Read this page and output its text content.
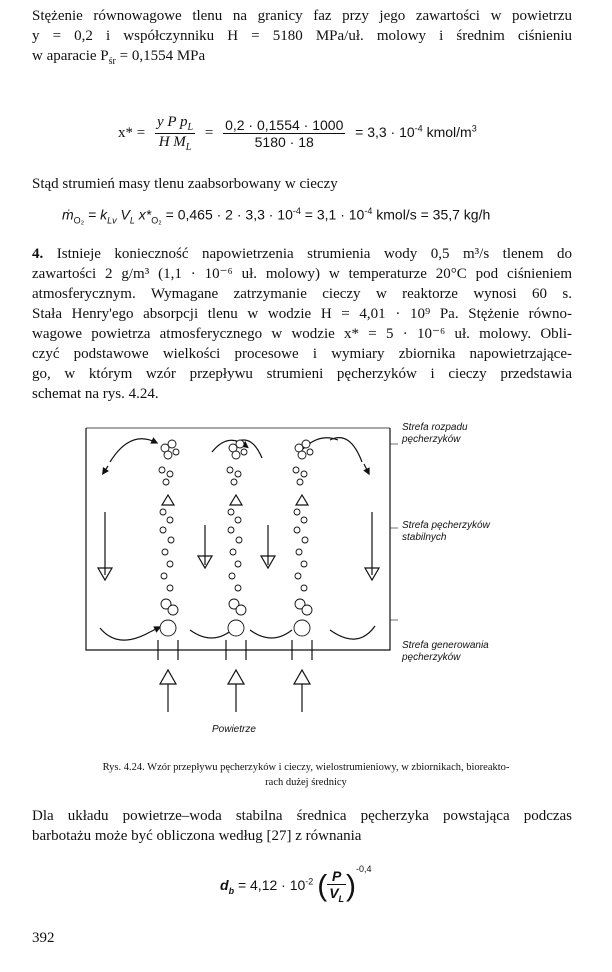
Stężenie równowagowe tlenu na granicy faz przy jego zawartości w powietrzu
y = 0,2 i współczynniku H = 5180 MPa/uł. molowy i średnim ciśnieniu
w aparacie $P_{śr} = 0,1554$ MPa
$x* = \frac{y P p_L}{H M_L} = \frac{0,2 \cdot 0,1554 \cdot 1000}{5180 \cdot 18} = 3,3 \cdot 10^{-4}$ kmol/$m^3$
Stąd strumień masy tlenu zaabsorbowany w cieczy
ṁ$_{O_2}$ = $k_{Lv}$ $V_L$ $x*_{O_2} = 0,465 \cdot 2 \cdot 3,3 \cdot 10^{-4} = 3,1 \cdot 10^{-4}$ kmol/s = 35,7 kg/h
4. Istnieje konieczność napowietrzenia strumienia wody 0,5 m³/s tlenem do
zawartości 2 g/m³ (1,1 · 10⁻⁶ uł. molowy) w temperaturze 20°C pod ciśnieniem
atmosferycznym. Wymagane zatrzymanie cieczy w reaktorze wynosi 60 s.
Stała Henry'ego absorpcji tlenu w wodzie H = 4,01 · 10⁹ Pa. Stężenie równo-
wagowe powietrza atmosferycznego w wodzie x* = 5 · 10⁻⁶ uł. molowy. Obli-
czyć podstawowe wielkości procesowe i wymiary zbiornika napowietrzające-
go, w którym wzór przepływu strumieni pęcherzyków i cieczy przedstawia
schemat na rys. 4.24.
Strefa rozpadu
pęcherzyków
Strefa pęcherzyków
stabilnych
Strefa generowania
pęcherzyków
Powietrze
Rys. 4.24. Wzór przepływu pęcherzyków i cieczy, wielostrumieniowy, w zbiornikach, bioreakto-
rach dużej średnicy
Dla układu powietrze–woda stabilna średnica pęcherzyka powstająca podczas
barbotażu może być obliczona według [27] z równania
$d_b = 4,12 \cdot 10^{-2}$ ( $\frac{P}{V_L} )^{-0,4}$
392
